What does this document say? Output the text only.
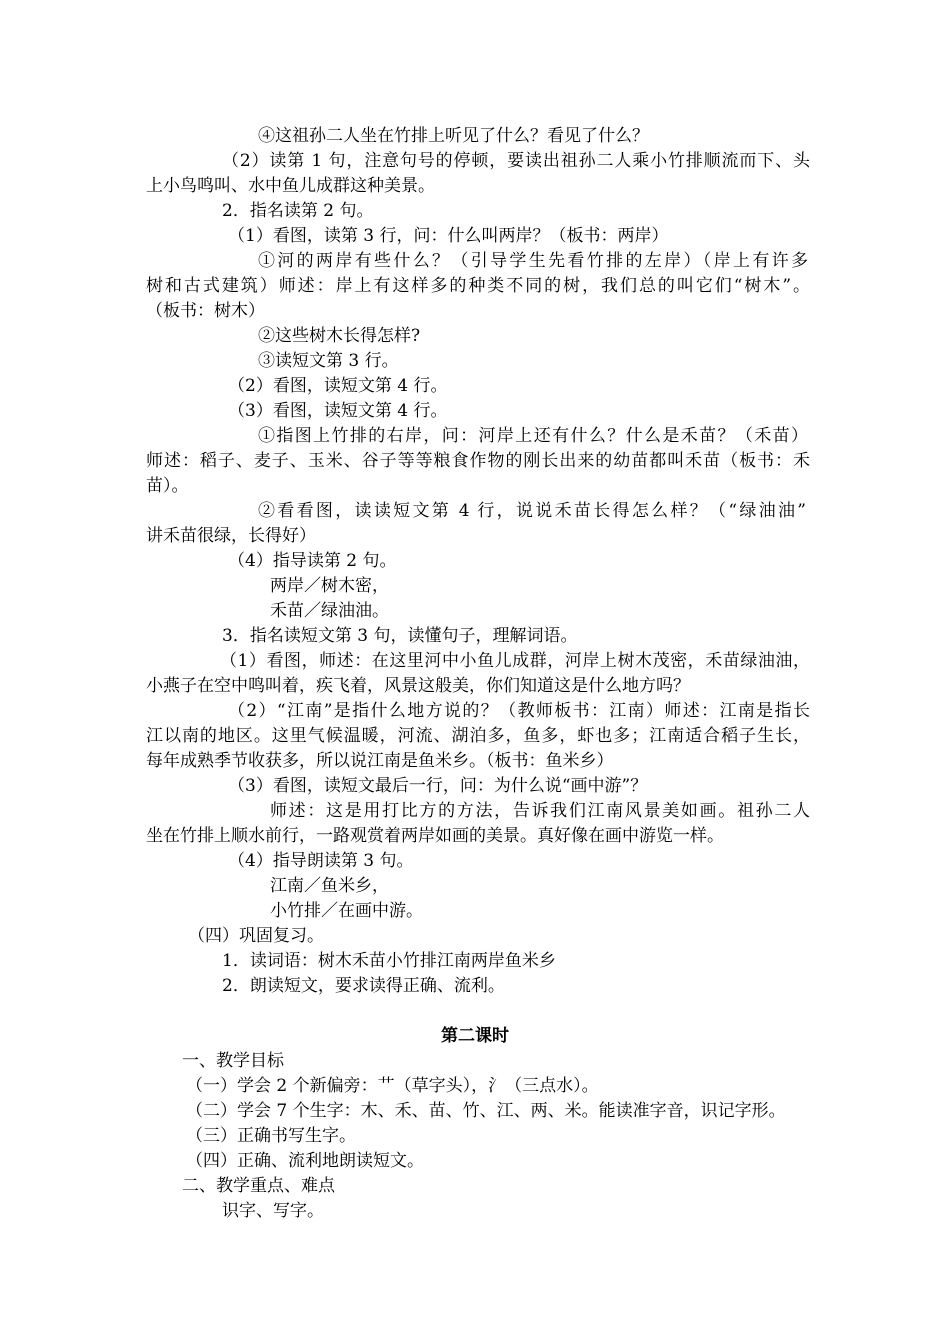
④这祖孙二人坐在竹排上听见了什么？看见了什么？
（2）读第 1 句，注意句号的停顿，要读出祖孙二人乘小竹排顺流而下、头
上小鸟鸣叫、水中鱼儿成群这种美景。
2．指名读第 2 句。
（1）看图，读第 3 行，问：什么叫两岸？（板书：两岸）
①河的两岸有些什么？（引导学生先看竹排的左岸）（岸上有许多
树和古式建筑）师述：岸上有这样多的种类不同的树，我们总的叫它们“树木”。
（板书：树木）
②这些树木长得怎样?
③读短文第 3 行。
（2）看图，读短文第 4 行。
（3）看图，读短文第 4 行。
①指图上竹排的右岸，问：河岸上还有什么？什么是禾苗？（禾苗）
师述：稻子、麦子、玉米、谷子等等粮食作物的刚长出来的幼苗都叫禾苗（板书：禾
苗）。
②看看图，读读短文第 4 行，说说禾苗长得怎么样？（“绿油油”
讲禾苗很绿，长得好）
（4）指导读第 2 句。
两岸／树木密，
禾苗／绿油油。
3．指名读短文第 3 句，读懂句子，理解词语。
（1）看图，师述：在这里河中小鱼儿成群，河岸上树木茂密，禾苗绿油油，
小燕子在空中鸣叫着，疾飞着，风景这般美，你们知道这是什么地方吗？
（2）“江南”是指什么地方说的？（教师板书：江南）师述：江南是指长
江以南的地区。这里气候温暖，河流、湖泊多，鱼多，虾也多；江南适合稻子生长，
每年成熟季节收获多，所以说江南是鱼米乡。（板书：鱼米乡）
（3）看图，读短文最后一行，问：为什么说“画中游”？
师述：这是用打比方的方法，告诉我们江南风景美如画。祖孙二人
坐在竹排上顺水前行，一路观赏着两岸如画的美景。真好像在画中游览一样。
（4）指导朗读第 3 句。
江南／鱼米乡，
小竹排／在画中游。
（四）巩固复习。
1．读词语：树木禾苗小竹排江南两岸鱼米乡
2．朗读短文，要求读得正确、流利。
第二课时
一、教学目标
（一）学会 2 个新偏旁：艹（草字头），氵（三点水）。
（二）学会 7 个生字：木、禾、苗、竹、江、两、米。能读准字音，识记字形。
（三）正确书写生字。
（四）正确、流利地朗读短文。
二、教学重点、难点
识字、写字。
